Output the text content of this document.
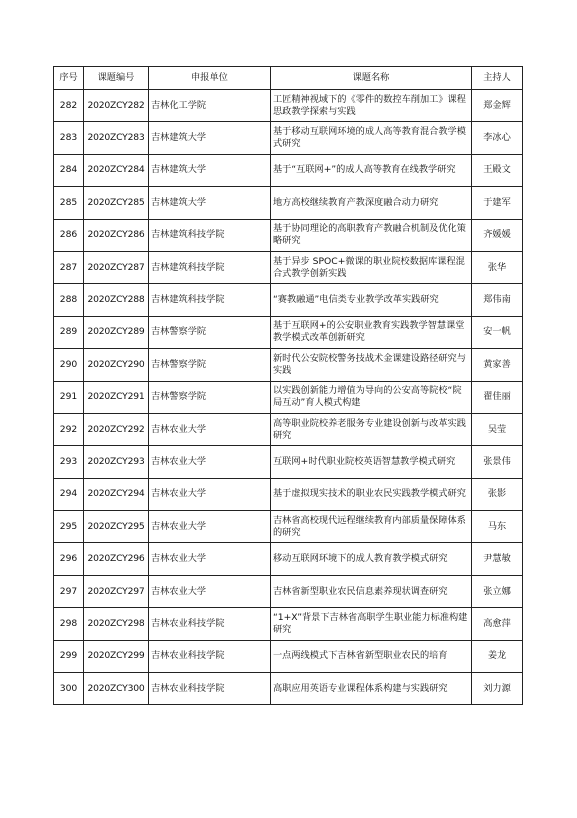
序号	课题编号	申报单位	课题名称	主持人
282	2020ZCY282	吉林化工学院	工匠精神视域下的《零件的数控车削加工》课程思政教学探索与实践	郑金辉
283	2020ZCY283	吉林建筑大学	基于移动互联网环境的成人高等教育混合教学模式研究	李冰心
284	2020ZCY284	吉林建筑大学	基于“互联网+”的成人高等教育在线教学研究	王殿文
285	2020ZCY285	吉林建筑大学	地方高校继续教育产教深度融合动力研究	于建军
286	2020ZCY286	吉林建筑科技学院	基于协同理论的高职教育产教融合机制及优化策略研究	齐媛媛
287	2020ZCY287	吉林建筑科技学院	基于异步 SPOC+微课的职业院校数据库课程混合式教学创新实践	张华
288	2020ZCY288	吉林建筑科技学院	“赛教融通”电信类专业教学改革实践研究	郑伟南
289	2020ZCY289	吉林警察学院	基于互联网+的公安职业教育实践教学智慧课堂教学模式改革创新研究	安一帆
290	2020ZCY290	吉林警察学院	新时代公安院校警务技战术金课建设路径研究与实践	黄家善
291	2020ZCY291	吉林警察学院	以实践创新能力增值为导向的公安高等院校“院局互动”育人模式构建	翟佳丽
292	2020ZCY292	吉林农业大学	高等职业院校养老服务专业建设创新与改革实践研究	吴莹
293	2020ZCY293	吉林农业大学	互联网+时代职业院校英语智慧教学模式研究	张景伟
294	2020ZCY294	吉林农业大学	基于虚拟现实技术的职业农民实践教学模式研究	张影
295	2020ZCY295	吉林农业大学	吉林省高校现代远程继续教育内部质量保障体系的研究	马东
296	2020ZCY296	吉林农业大学	移动互联网环境下的成人教育教学模式研究	尹慧敏
297	2020ZCY297	吉林农业大学	吉林省新型职业农民信息素养现状调查研究	张立娜
298	2020ZCY298	吉林农业科技学院	“1+X”背景下吉林省高职学生职业能力标准构建研究	高愈萍
299	2020ZCY299	吉林农业科技学院	一点两线模式下吉林省新型职业农民的培育	姜龙
300	2020ZCY300	吉林农业科技学院	高职应用英语专业课程体系构建与实践研究	刘力源
